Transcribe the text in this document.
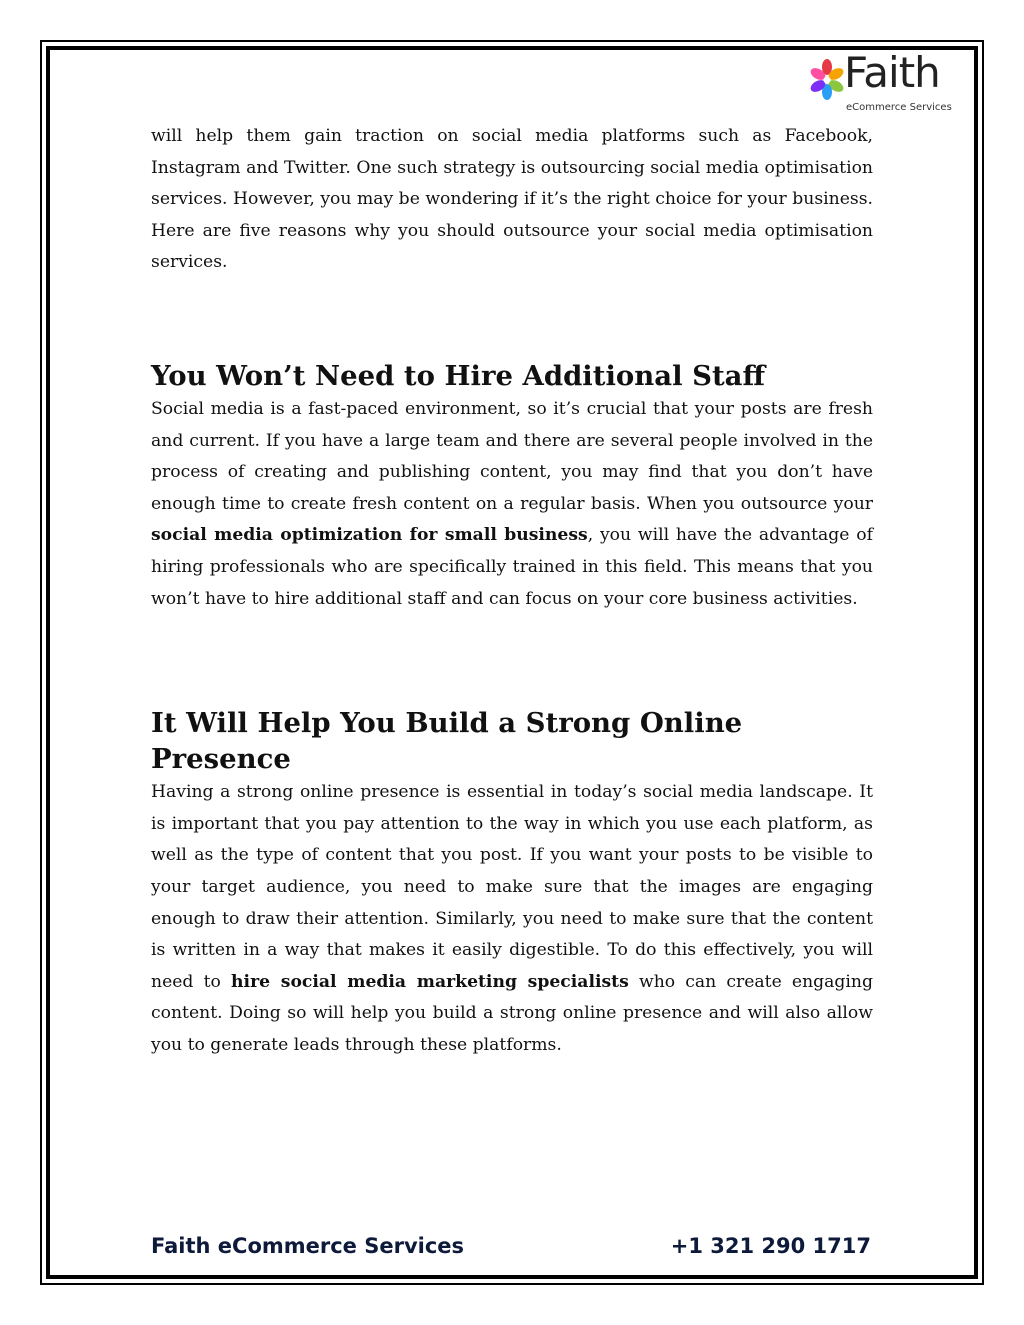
Faith
eCommerce Services

will help them gain traction on social media platforms such as Facebook, Instagram and Twitter. One such strategy is outsourcing social media optimisation services. However, you may be wondering if it’s the right choice for your business. Here are five reasons why you should outsource your social media optimisation services.

You Won’t Need to Hire Additional Staff

Social media is a fast-paced environment, so it’s crucial that your posts are fresh and current. If you have a large team and there are several people involved in the process of creating and publishing content, you may find that you don’t have enough time to create fresh content on a regular basis. When you outsource your social media optimization for small business, you will have the advantage of hiring professionals who are specifically trained in this field. This means that you won’t have to hire additional staff and can focus on your core business activities.

It Will Help You Build a Strong Online Presence

Having a strong online presence is essential in today’s social media landscape. It is important that you pay attention to the way in which you use each platform, as well as the type of content that you post. If you want your posts to be visible to your target audience, you need to make sure that the images are engaging enough to draw their attention. Similarly, you need to make sure that the content is written in a way that makes it easily digestible. To do this effectively, you will need to hire social media marketing specialists who can create engaging content. Doing so will help you build a strong online presence and will also allow you to generate leads through these platforms.

Faith eCommerce Services	+1 321 290 1717
